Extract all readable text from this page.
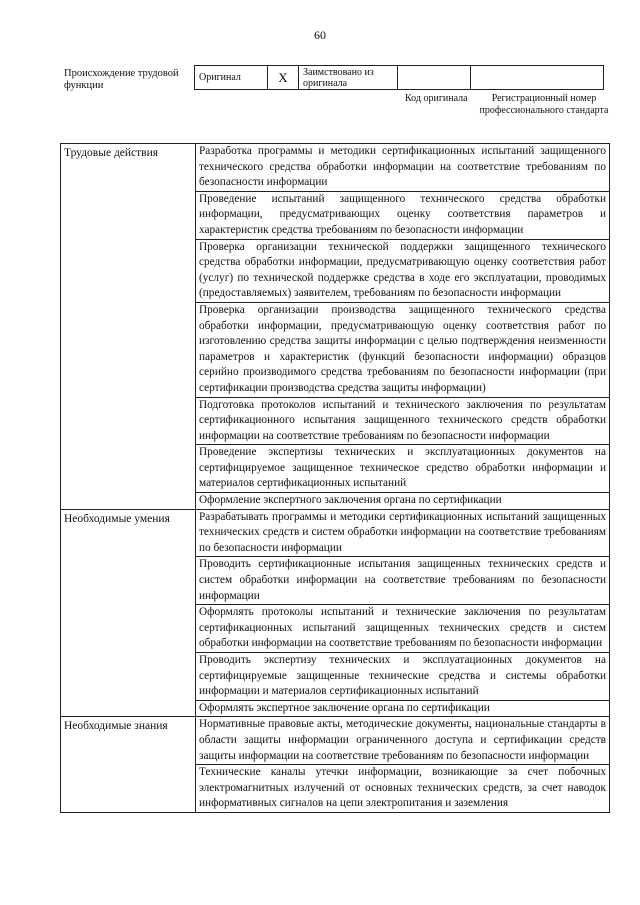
60
Происхождение трудовой функции
Оригинал	X	Заимствовано из оригинала		
Код оригинала	Регистрационный номер профессионального стандарта
Трудовые действия	Разработка программы и методики сертификационных испытаний защищенного технического средства обработки информации на соответствие требованиям по безопасности информации
	Проведение испытаний защищенного технического средства обработки информации, предусматривающих оценку соответствия параметров и характеристик средства требованиям по безопасности информации
	Проверка организации технической поддержки защищенного технического средства обработки информации, предусматривающую оценку соответствия работ (услуг) по технической поддержке средства в ходе его эксплуатации, проводимых (предоставляемых) заявителем, требованиям по безопасности информации
	Проверка организации производства защищенного технического средства обработки информации, предусматривающую оценку соответствия работ по изготовлению средства защиты информации с целью подтверждения неизменности параметров и характеристик (функций безопасности информации) образцов серийно производимого средства требованиям по безопасности информации (при сертификации производства средства защиты информации)
	Подготовка протоколов испытаний и технического заключения по результатам сертификационного испытания защищенного технического средств обработки информации на соответствие требованиям по безопасности информации
	Проведение экспертизы технических и эксплуатационных документов на сертифицируемое защищенное техническое средство обработки информации и материалов сертификационных испытаний
	Оформление экспертного заключения органа по сертификации
Необходимые умения	Разрабатывать программы и методики сертификационных испытаний защищенных технических средств и систем обработки информации на соответствие требованиям по безопасности информации
	Проводить сертификационные испытания защищенных технических средств и систем обработки информации на соответствие требованиям по безопасности информации
	Оформлять протоколы испытаний и технические заключения по результатам сертификационных испытаний защищенных технических средств и систем обработки информации на соответствие требованиям по безопасности информации
	Проводить экспертизу технических и эксплуатационных документов на сертифицируемые защищенные технические средства и системы обработки информации и материалов сертификационных испытаний
	Оформлять экспертное заключение органа по сертификации
Необходимые знания	Нормативные правовые акты, методические документы, национальные стандарты в области защиты информации ограниченного доступа и сертификации средств защиты информации на соответствие требованиям по безопасности информации
	Технические каналы утечки информации, возникающие за счет побочных электромагнитных излучений от основных технических средств, за счет наводок информативных сигналов на цепи электропитания и заземления
